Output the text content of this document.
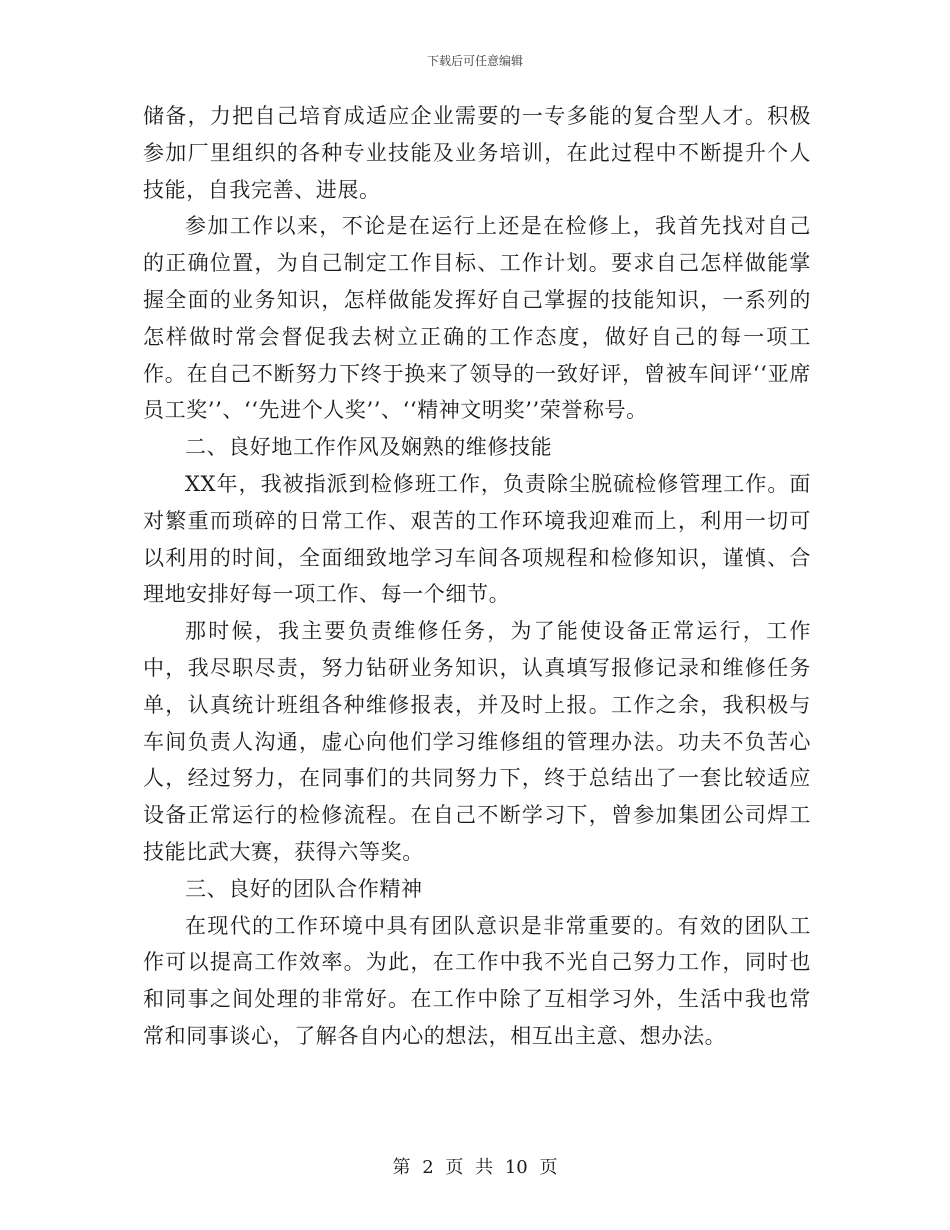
下载后可任意编辑

储备，力把自己培育成适应企业需要的一专多能的复合型人才。积极参加厂里组织的各种专业技能及业务培训，在此过程中不断提升个人技能，自我完善、进展。

参加工作以来，不论是在运行上还是在检修上，我首先找对自己的正确位置，为自己制定工作目标、工作计划。要求自己怎样做能掌握全面的业务知识，怎样做能发挥好自己掌握的技能知识，一系列的怎样做时常会督促我去树立正确的工作态度，做好自己的每一项工作。在自己不断努力下终于换来了领导的一致好评，曾被车间评‘‘亚席员工奖’’、‘‘先进个人奖’’、‘‘精神文明奖’’荣誉称号。

二、良好地工作作风及娴熟的维修技能

XX年，我被指派到检修班工作，负责除尘脱硫检修管理工作。面对繁重而琐碎的日常工作、艰苦的工作环境我迎难而上，利用一切可以利用的时间，全面细致地学习车间各项规程和检修知识，谨慎、合理地安排好每一项工作、每一个细节。

那时候，我主要负责维修任务，为了能使设备正常运行，工作中，我尽职尽责，努力钻研业务知识，认真填写报修记录和维修任务单，认真统计班组各种维修报表，并及时上报。工作之余，我积极与车间负责人沟通，虚心向他们学习维修组的管理办法。功夫不负苦心人，经过努力，在同事们的共同努力下，终于总结出了一套比较适应设备正常运行的检修流程。在自己不断学习下，曾参加集团公司焊工技能比武大赛，获得六等奖。

三、良好的团队合作精神

在现代的工作环境中具有团队意识是非常重要的。有效的团队工作可以提高工作效率。为此，在工作中我不光自己努力工作，同时也和同事之间处理的非常好。在工作中除了互相学习外，生活中我也常常和同事谈心，了解各自内心的想法，相互出主意、想办法。

第 2 页 共 10 页
